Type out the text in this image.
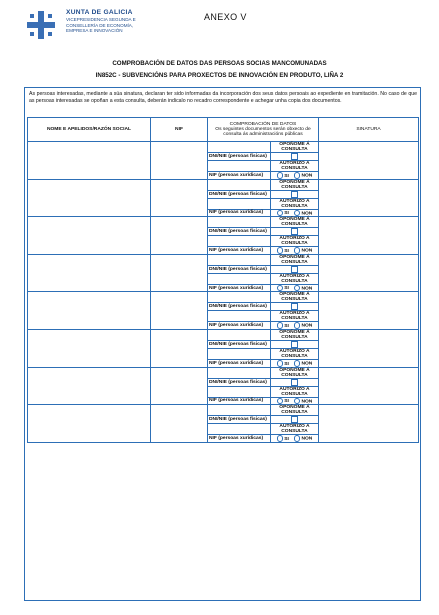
XUNTA DE GALICIA
VICEPRESIDENCIA SEGUNDA E
CONSELLERÍA DE ECONOMÍA,
EMPRESA E INNOVACIÓN
ANEXO V
COMPROBACIÓN DE DATOS DAS PERSOAS SOCIAS MANCOMUNADAS
IN852C - SUBVENCIÓNS PARA PROXECTOS DE INNOVACIÓN EN PRODUTO, LIÑA 2
As persoas interesadas, mediante a súa sinatura, declaran ter sido informadas da incorporación dos seus datos persoais ao expediente en tramitación. No caso de que as persoas interesadas se opoñan a esta consulta, deberán indicalo no recadro correspondente e achegar unha copia dos documentos.
NOME E APELIDOS/RAZÓN SOCIAL	NIF	COMPROBACIÓN DE DATOS
Os seguintes documentos serán obxecto de consulta ás administracións públicas		SINATURA
			OPOÑOME Á CONSULTA	
		DNI/NIE (persoas físicas)		
			AUTORIZO A CONSULTA	
		NIF (persoas xurídicas)	SI NON	
			OPOÑOME Á CONSULTA	
		DNI/NIE (persoas físicas)		
			AUTORIZO A CONSULTA	
		NIF (persoas xurídicas)	SI NON	
			OPOÑOME Á CONSULTA	
		DNI/NIE (persoas físicas)		
			AUTORIZO A CONSULTA	
		NIF (persoas xurídicas)	SI NON	
			OPOÑOME Á CONSULTA	
		DNI/NIE (persoas físicas)		
			AUTORIZO A CONSULTA	
		NIF (persoas xurídicas)	SI NON	
			OPOÑOME Á CONSULTA	
		DNI/NIE (persoas físicas)		
			AUTORIZO A CONSULTA	
		NIF (persoas xurídicas)	SI NON	
			OPOÑOME Á CONSULTA	
		DNI/NIE (persoas físicas)		
			AUTORIZO A CONSULTA	
		NIF (persoas xurídicas)	SI NON	
			OPOÑOME Á CONSULTA	
		DNI/NIE (persoas físicas)		
			AUTORIZO A CONSULTA	
		NIF (persoas xurídicas)	SI NON	
			OPOÑOME Á CONSULTA	
		DNI/NIE (persoas físicas)		
			AUTORIZO A CONSULTA	
		NIF (persoas xurídicas)	SI NON	
